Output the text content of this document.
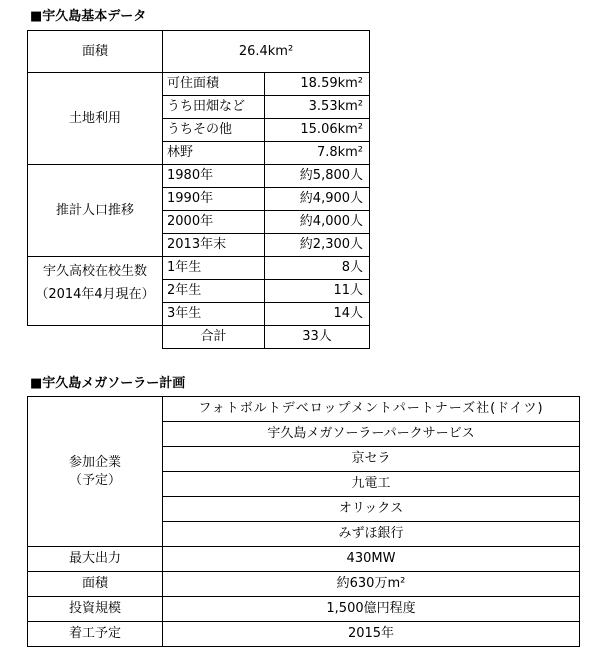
■宇久島基本データ
面積	26.4km²	
土地利用	可住面積	18.59km²
	うち田畑など	3.53km²
	うちその他	15.06km²
	林野	7.8km²
推計人口推移	1980年	約5,800人
	1990年	約4,900人
	2000年	約4,000人
	2013年末	約2,300人

宇久高校在校生数
（2014年4月現在）	1年生	8人
	2年生	11人
	3年生	14人
	合計	33人
■宇久島メガソーラー計画
参加企業
（予定）	フォトボルトデベロップメントパートナーズ社(ドイツ)
	宇久島メガソーラーパークサービス
	京セラ
	九電工
	オリックス
	みずほ銀行
最大出力	430MW
面積	約630万m²
投資規模	1,500億円程度
着工予定	2015年
